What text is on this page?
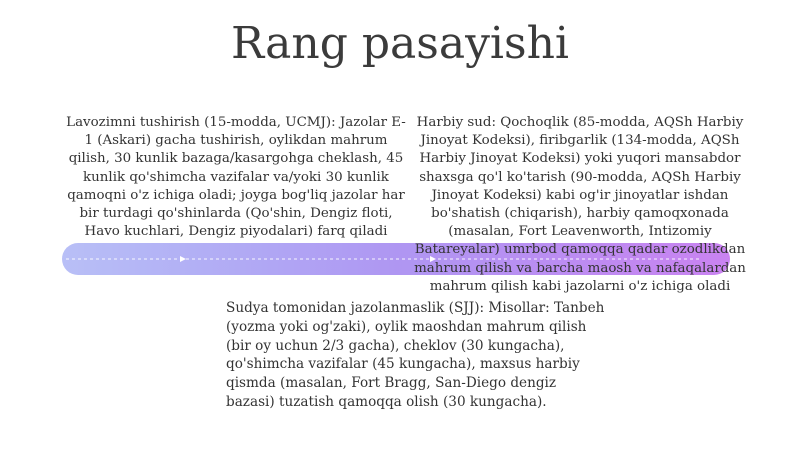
Rang pasayishi
Lavozimni tushirish (15-modda, UCMJ): Jazolar E-1 (Askari) gacha tushirish, oylikdan mahrum qilish, 30 kunlik bazaga/kasargohga cheklash, 45 kunlik qo'shimcha vazifalar va/yoki 30 kunlik qamoqni o'z ichiga oladi; joyga bog'liq jazolar har bir turdagi qo'shinlarda (Qo'shin, Dengiz floti, Havo kuchlari, Dengiz piyodalari) farq qiladi
Harbiy sud: Qochoqlik (85-modda, AQSh Harbiy Jinoyat Kodeksi), firibgarlik (134-modda, AQSh Harbiy Jinoyat Kodeksi) yoki yuqori mansabdor shaxsga qo'l ko'tarish (90-modda, AQSh Harbiy Jinoyat Kodeksi) kabi og'ir jinoyatlar ishdan bo'shatish (chiqarish), harbiy qamoqxonada (masalan, Fort Leavenworth, Intizomiy Batareyalar) umrbod qamoqqa qadar ozodlikdan mahrum qilish va barcha maosh va nafaqalardan mahrum qilish kabi jazolarni o'z ichiga oladi
Sudya tomonidan jazolanmaslik (SJJ): Misollar: Tanbeh (yozma yoki og'zaki), oylik maoshdan mahrum qilish (bir oy uchun 2/3 gacha), cheklov (30 kungacha), qo'shimcha vazifalar (45 kungacha), maxsus harbiy qismda (masalan, Fort Bragg, San-Diego dengiz bazasi) tuzatish qamoqqa olish (30 kungacha).
